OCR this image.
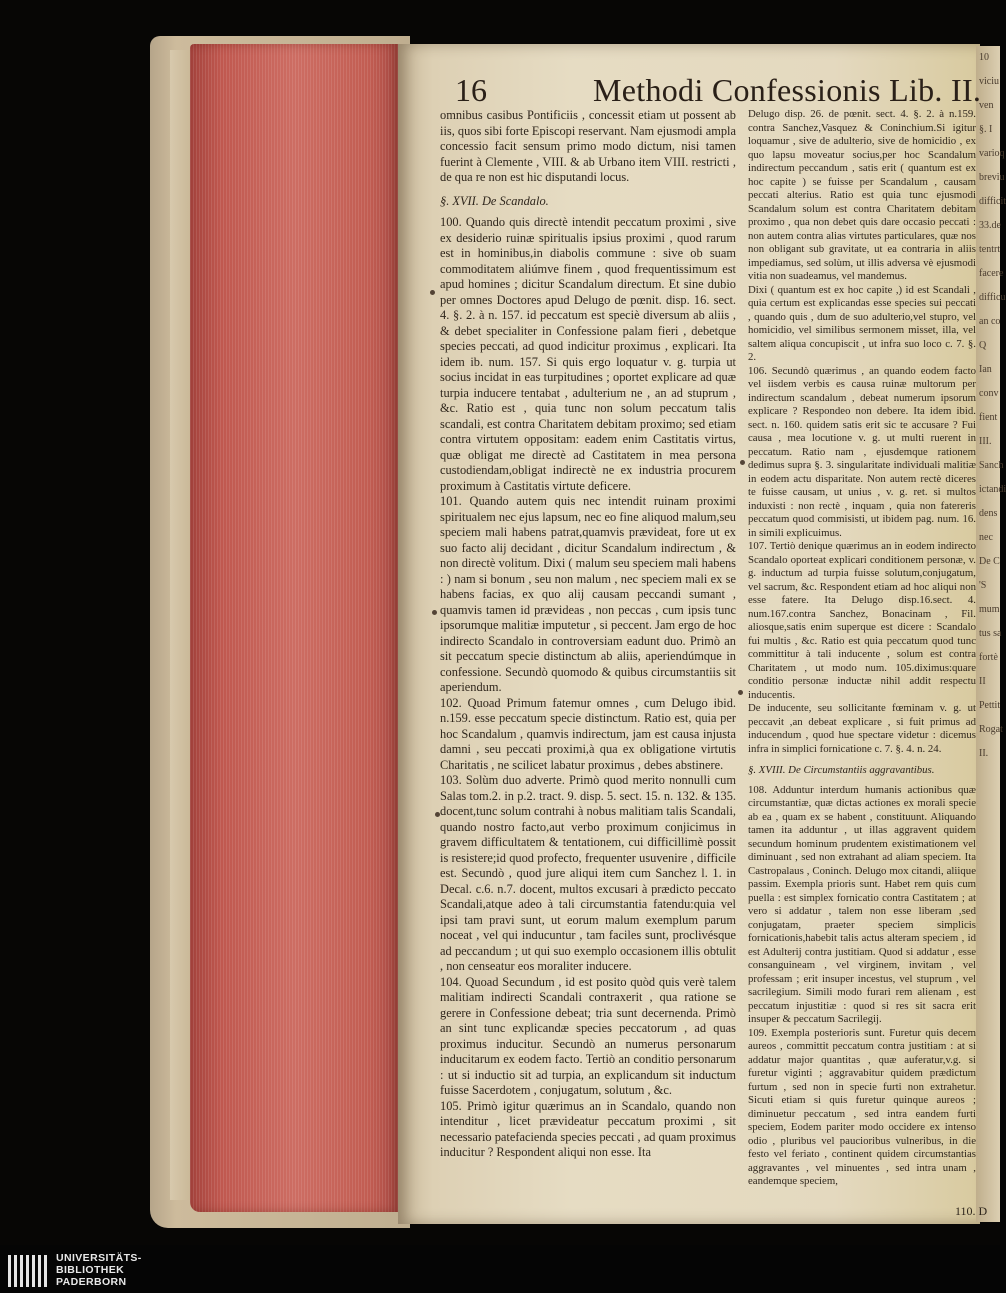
10
viciu
ven
§. I
varioq
breviu
difficit
33.de
tentrt
facere
difficu
an co
Q
Ian
conv
fient
III.
Sanch
ictandi
dens
nec
De C
'S
mum
tus sa
fortè
II
Pettit
Rogat
II.
16	Methodi Confessionis Lib. II.

omnibus casibus Pontificiis , concessit etiam ut possent ab iis, quos sibi forte Episcopi reservant. Nam ejusmodi ampla concessio facit sensum primo modo dictum, nisi tamen fuerint à Clemente , VIII. & ab Urbano item VIII. restricti , de qua re non est hic disputandi locus.

§. XVII. De Scandalo.

100. Quando quis directè intendit peccatum proximi , sive ex desiderio ruinæ spiritualis ipsius proximi , quod rarum est in hominibus,in diabolis commune : sive ob suam commoditatem aliúmve finem , quod frequentissimum est apud homines ; dicitur Scandalum directum. Et sine dubio per omnes Doctores apud Delugo de pœnit. disp. 16. sect. 4. §. 2. à n. 157. id peccatum est speciè diversum ab aliis , & debet specialiter in Confessione palam fieri , debetque species peccati, ad quod indicitur proximus , explicari. Ita idem ib. num. 157. Si quis ergo loquatur v. g. turpia ut socius incidat in eas turpitudines ; oportet explicare ad quæ turpia inducere tentabat , adulterium ne , an ad stuprum , &c. Ratio est , quia tunc non solum peccatum talis scandali, est contra Charitatem debitam proximo; sed etiam contra virtutem oppositam: eadem enim Castitatis virtus, quæ obligat me directè ad Castitatem in mea persona custodiendam,obligat indirectè ne ex industria procurem proximum à Castitatis virtute deficere.

101. Quando autem quis nec intendit ruinam proximi spiritualem nec ejus lapsum, nec eo fine aliquod malum,seu speciem mali habens patrat,quamvis prævideat, fore ut ex suo facto alij decidant , dicitur Scandalum indirectum , & non directè volitum. Dixi ( malum seu speciem mali habens : ) nam si bonum , seu non malum , nec speciem mali ex se habens facias, ex quo alij causam peccandi sumant , quamvis tamen id prævideas , non peccas , cum ipsis tunc ipsorumque malitiæ imputetur , si peccent. Jam ergo de hoc indirecto Scandalo in controversiam eadunt duo. Primò an sit peccatum specie distinctum ab aliis, aperiendúmque in confessione. Secundò quomodo & quibus circumstantiis sit aperiendum.

102. Quoad Primum fatemur omnes , cum Delugo ibid. n.159. esse peccatum specie distinctum. Ratio est, quia per hoc Scandalum , quamvis indirectum, jam est causa injusta damni , seu peccati proximi,à qua ex obligatione virtutis Charitatis , ne scilicet labatur proximus , debes abstinere.

103. Solùm duo adverte. Primò quod merito nonnulli cum Salas tom.2. in p.2. tract. 9. disp. 5. sect. 15. n. 132. & 135. docent,tunc solum contrahi à nobus malitiam talis Scandali, quando nostro facto,aut verbo proximum conjicimus in gravem difficultatem & tentationem, cui difficillimè possit is resistere;id quod profecto, frequenter usuvenire , difficile est. Secundò , quod jure aliqui item cum Sanchez l. 1. in Decal. c.6. n.7. docent, multos excusari à prædicto peccato Scandali,atque adeo à tali circumstantia fatendu:quia vel ipsi tam pravi sunt, ut eorum malum exemplum parum noceat , vel qui inducuntur , tam faciles sunt, proclivésque ad peccandum ; ut qui suo exemplo occasionem illis obtulit , non censeatur eos moraliter inducere.

104. Quoad Secundum , id est posito quòd quis verè talem malitiam indirecti Scandali contraxerit , qua ratione se gerere in Confessione debeat; tria sunt decernenda. Primò an sint tunc explicandæ species peccatorum , ad quas proximus inducitur. Secundò an numerus personarum inducitarum ex eodem facto. Tertiò an conditio personarum : ut si inductio sit ad turpia, an explicandum sit inductum fuisse Sacerdotem , conjugatum, solutum , &c.

105. Primò igitur quærimus an in Scandalo, quando non intenditur , licet prævideatur peccatum proximi , sit necessario patefacienda species peccati , ad quam proximus inducitur ? Respondent aliqui non esse. Ita

Delugo disp. 26. de pœnit. sect. 4. §. 2. à n.159. contra Sanchez,Vasquez & Coninchium.Si igitur loquamur , sive de adulterio, sive de homicidio , ex quo lapsu moveatur socius,per hoc Scandalum indirectum peccandum , satis erit ( quantum est ex hoc capite ) se fuisse per Scandalum , causam peccati alterius. Ratio est quia tunc ejusmodi Scandalum solum est contra Charitatem debitam proximo , qua non debet quis dare occasio peccati : non autem contra alias virtutes particulares, quæ nos non obligant sub gravitate, ut ea contraria in aliis impediamus, sed solùm, ut illis adversa vè ejusmodi vitia non suadeamus, vel mandemus.

Dixi ( quantum est ex hoc capite ,) id est Scandali , quia certum est explicandas esse species sui peccati , quando quis , dum de suo adulterio,vel stupro, vel homicidio, vel similibus sermonem misset, illa, vel saltem aliqua concupiscit , ut infra suo loco c. 7. §. 2.

106. Secundò quærimus , an quando eodem facto vel iisdem verbis es causa ruinæ multorum per indirectum scandalum , debeat numerum ipsorum explicare ? Respondeo non debere. Ita idem ibid. sect. n. 160. quidem satis erit sic te accusare ? Fui causa , mea locutione v. g. ut multi ruerent in peccatum. Ratio nam , ejusdemque rationem dedimus supra §. 3. singularitate individuali malitiæ in eodem actu disparitate. Non autem rectè diceres te fuisse causam, ut unius , v. g. ret. si multos induxisti : non rectè , inquam , quia non fatereris peccatum quod commisisti, ut ibidem pag. num. 16. in simili explicuimus.

107. Tertiò denique quærimus an in eodem indirecto Scandalo oporteat explicari conditionem personæ, v. g. inductum ad turpia fuisse solutum,conjugatum, vel sacrum, &c. Respondent etiam ad hoc aliqui non esse fatere. Ita Delugo disp.16.sect. 4. num.167.contra Sanchez, Bonacinam , Fil. aliosque,satis enim superque est dicere : Scandalo fui multis , &c. Ratio est quia peccatum quod tunc committitur à tali inducente , solum est contra Charitatem , ut modo num. 105.diximus:quare conditio personæ inductæ nihil addit respectu inducentis.

De inducente, seu sollicitante fœminam v. g. ut peccavit ,an debeat explicare , si fuit primus ad inducendum , quod hue spectare videtur : dicemus infra in simplici fornicatione c. 7. §. 4. n. 24.

§. XVIII. De Circumstantiis aggravantibus.

108. Adduntur interdum humanis actionibus quæ circumstantiæ, quæ dictas actiones ex morali specie ab ea , quam ex se habent , constituunt. Aliquando tamen ita adduntur , ut illas aggravent quidem secundum hominum prudentem existimationem vel diminuant , sed non extrahant ad aliam speciem. Ita Castropalaus , Coninch. Delugo mox citandi, aliique passim. Exempla prioris sunt. Habet rem quis cum puella : est simplex fornicatio contra Castitatem ; at vero si addatur , talem non esse liberam ,sed conjugatam, praeter speciem simplicis fornicationis,habebit talis actus alteram speciem , id est Adulterij contra justitiam. Quod si addatur , esse consanguineam , vel virginem, invitam , vel professam ; erit insuper incestus, vel stuprum , vel sacrilegium. Simili modo furari rem alienam , est peccatum injustitiæ : quod si res sit sacra erit insuper & peccatum Sacrilegij.

109. Exempla posterioris sunt. Furetur quis decem aureos , committit peccatum contra justitiam : at si addatur major quantitas , quæ auferatur,v.g. si furetur viginti ; aggravabitur quidem prædictum furtum , sed non in specie furti non extrahetur. Sicuti etiam si quis furetur quinque aureos ; diminuetur peccatum , sed intra eandem furti speciem, Eodem pariter modo occidere ex intenso odio , pluribus vel paucioribus vulneribus, in die festo vel feriato , continent quidem circumstantias aggravantes , vel minuentes , sed intra unam , eandemque speciem,

110. D
UNIVERSITÄTS-
BIBLIOTHEK
PADERBORN
